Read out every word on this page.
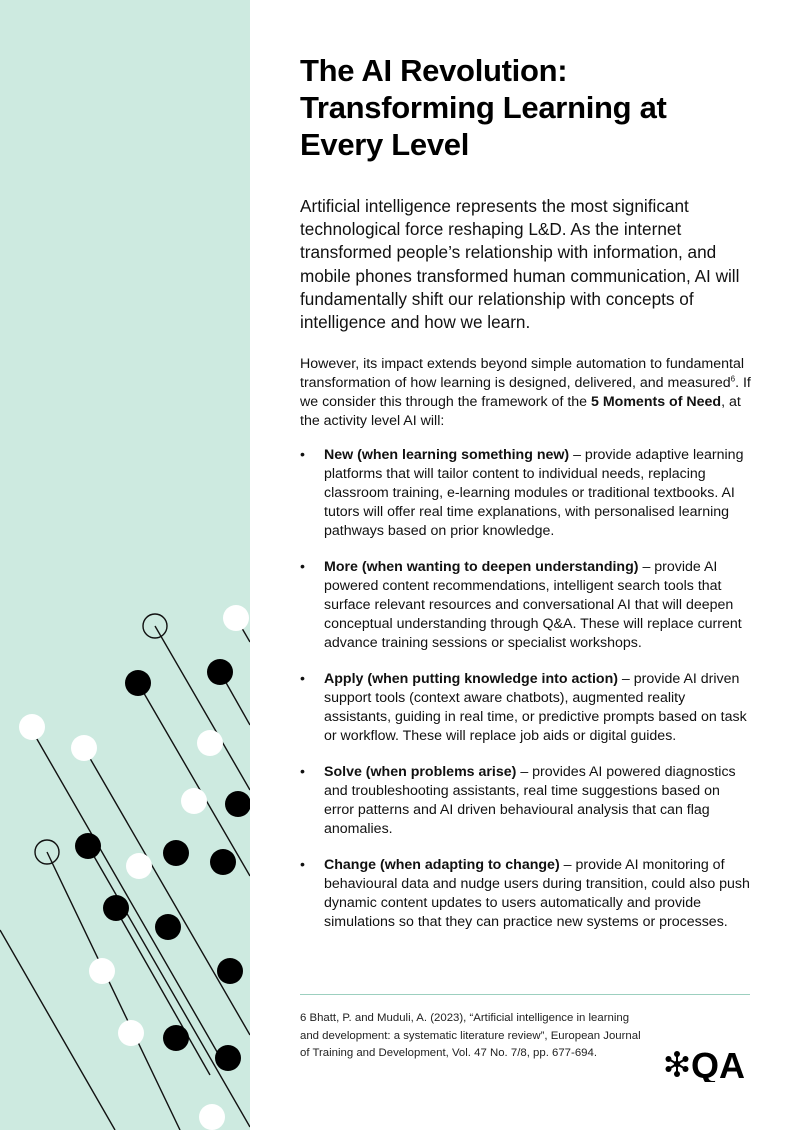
The AI Revolution: Transforming Learning at Every Level

Artificial intelligence represents the most significant technological force reshaping L&D. As the internet transformed people’s relationship with information, and mobile phones transformed human communication, AI will fundamentally shift our relationship with concepts of intelligence and how we learn.

However, its impact extends beyond simple automation to fundamental transformation of how learning is designed, delivered, and measured$^6$. If we consider this through the framework of the 5 Moments of Need, at the activity level AI will:

• New (when learning something new) – provide adaptive learning platforms that will tailor content to individual needs, replacing classroom training, e-learning modules or traditional textbooks. AI tutors will offer real time explanations, with personalised learning pathways based on prior knowledge.
• More (when wanting to deepen understanding) – provide AI powered content recommendations, intelligent search tools that surface relevant resources and conversational AI that will deepen conceptual understanding through Q&A. These will replace current advance training sessions or specialist workshops.
• Apply (when putting knowledge into action) – provide AI driven support tools (context aware chatbots), augmented reality assistants, guiding in real time, or predictive prompts based on task or workflow. These will replace job aids or digital guides.
• Solve (when problems arise) – provides AI powered diagnostics and troubleshooting assistants, real time suggestions based on error patterns and AI driven behavioural analysis that can flag anomalies.
• Change (when adapting to change) – provide AI monitoring of behavioural data and nudge users during transition, could also push dynamic content updates to users automatically and provide simulations so that they can practice new systems or processes.

6 Bhatt, P. and Muduli, A. (2023), “Artificial intelligence in learning and development: a systematic literature review”, European Journal of Training and Development, Vol. 47 No. 7/8, pp. 677-694.	QA
